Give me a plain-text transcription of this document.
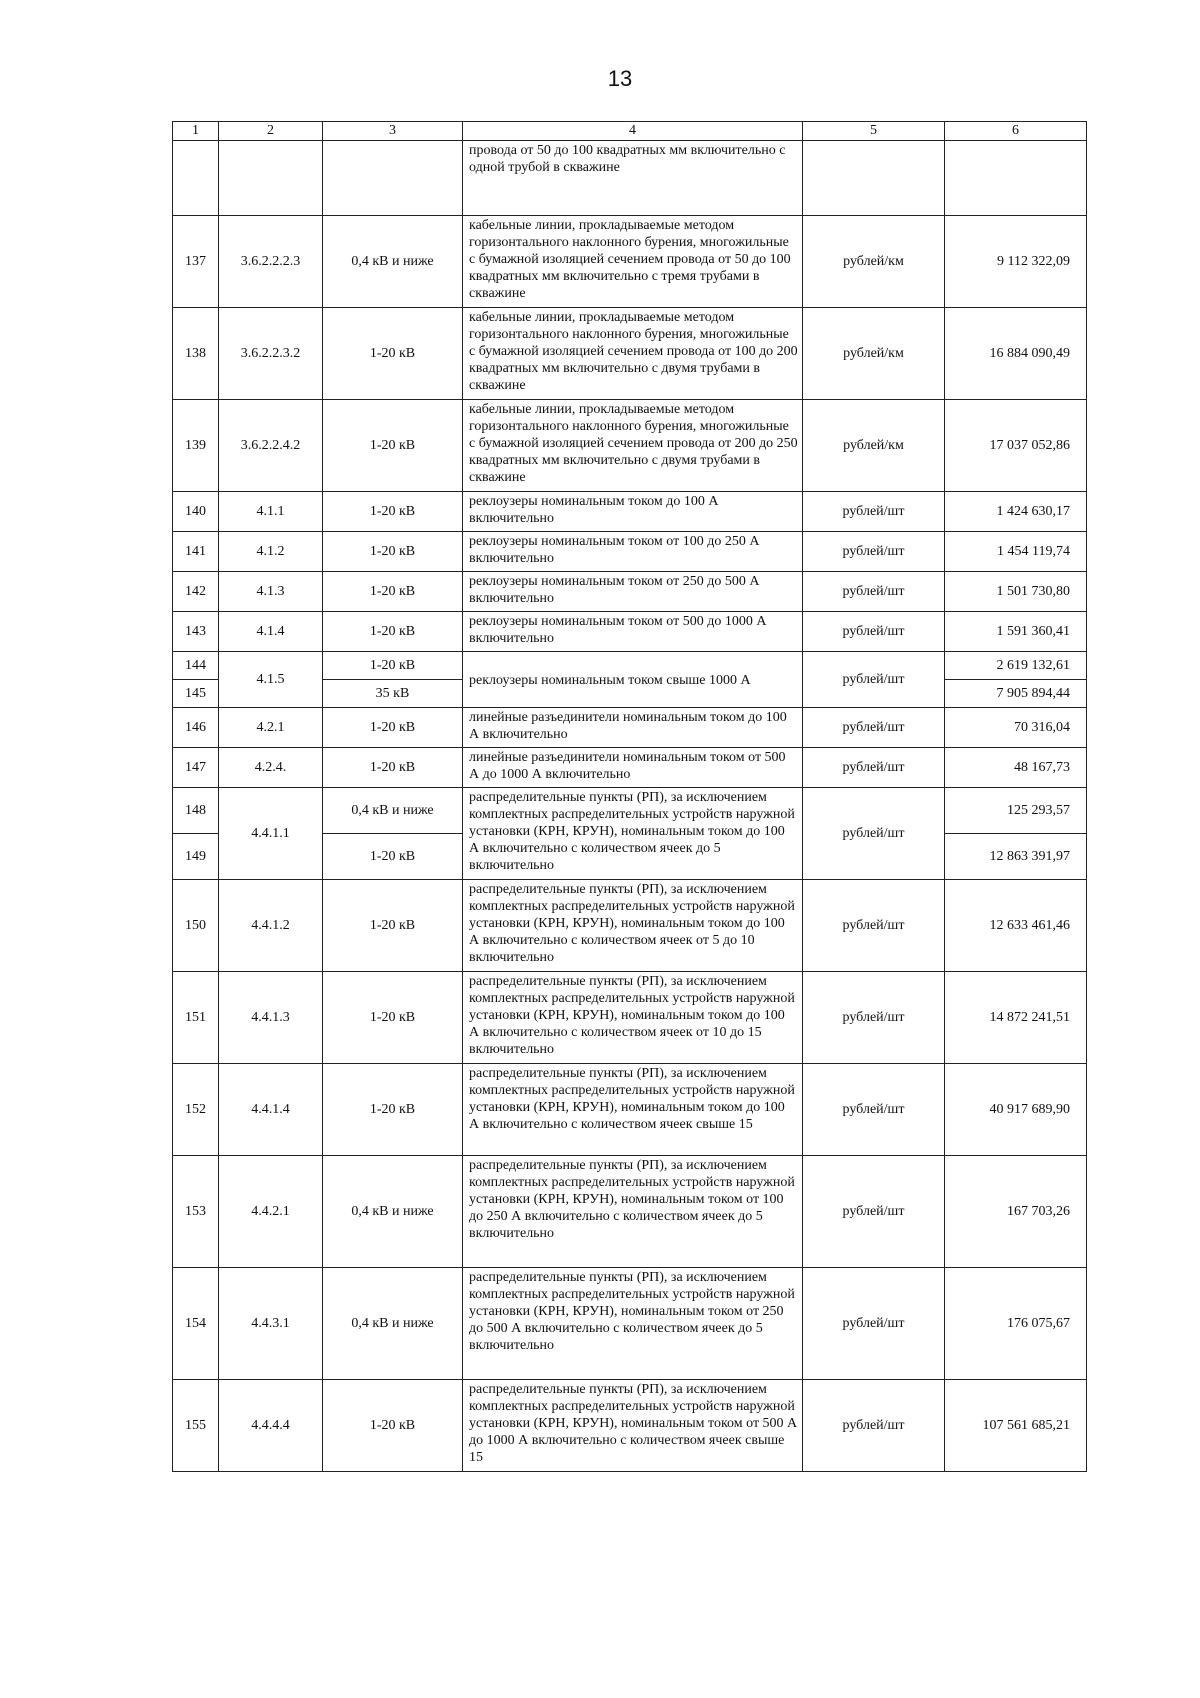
13
1	2	3	4	5	6
			провода от 50 до 100 квадратных мм включительно с одной трубой в скважине		
137	3.6.2.2.2.3	0,4 кВ и ниже	кабельные линии, прокладываемые методом горизонтального наклонного бурения, многожильные с бумажной изоляцией сечением провода от 50 до 100 квадратных мм включительно с тремя трубами в скважине	рублей/км	9 112 322,09
138	3.6.2.2.3.2	1-20 кВ	кабельные линии, прокладываемые методом горизонтального наклонного бурения, многожильные с бумажной изоляцией сечением провода от 100 до 200 квадратных мм включительно с двумя трубами в скважине	рублей/км	16 884 090,49
139	3.6.2.2.4.2	1-20 кВ	кабельные линии, прокладываемые методом горизонтального наклонного бурения, многожильные с бумажной изоляцией сечением провода от 200 до 250 квадратных мм включительно с двумя трубами в скважине	рублей/км	17 037 052,86
140	4.1.1	1-20 кВ	реклоузеры номинальным током до 100 А включительно	рублей/шт	1 424 630,17
141	4.1.2	1-20 кВ	реклоузеры номинальным током от 100 до 250 А включительно	рублей/шт	1 454 119,74
142	4.1.3	1-20 кВ	реклоузеры номинальным током от 250 до 500 А включительно	рублей/шт	1 501 730,80
143	4.1.4	1-20 кВ	реклоузеры номинальным током от 500 до 1000 А включительно	рублей/шт	1 591 360,41
144	4.1.5	1-20 кВ	реклоузеры номинальным током свыше 1000 А	рублей/шт	2 619 132,61
145		35 кВ			7 905 894,44
146	4.2.1	1-20 кВ	линейные разъединители номинальным током до 100 А включительно	рублей/шт	70 316,04
147	4.2.4.	1-20 кВ	линейные разъединители номинальным током от 500 А до 1000 А включительно	рублей/шт	48 167,73
148	4.4.1.1	0,4 кВ и ниже	распределительные пункты (РП), за исключением комплектных распределительных устройств наружной установки (КРН, КРУН), номинальным током до 100 А включительно с количеством ячеек до 5 включительно	рублей/шт	125 293,57
149		1-20 кВ			12 863 391,97
150	4.4.1.2	1-20 кВ	распределительные пункты (РП), за исключением комплектных распределительных устройств наружной установки (КРН, КРУН), номинальным током до 100 А включительно с количеством ячеек от 5 до 10 включительно	рублей/шт	12 633 461,46
151	4.4.1.3	1-20 кВ	распределительные пункты (РП), за исключением комплектных распределительных устройств наружной установки (КРН, КРУН), номинальным током до 100 А включительно с количеством ячеек от 10 до 15 включительно	рублей/шт	14 872 241,51
152	4.4.1.4	1-20 кВ	распределительные пункты (РП), за исключением комплектных распределительных устройств наружной установки (КРН, КРУН), номинальным током до 100 А включительно с количеством ячеек свыше 15	рублей/шт	40 917 689,90
153	4.4.2.1	0,4 кВ и ниже	распределительные пункты (РП), за исключением комплектных распределительных устройств наружной установки (КРН, КРУН), номинальным током от 100 до 250 А включительно с количеством ячеек до 5 включительно	рублей/шт	167 703,26
154	4.4.3.1	0,4 кВ и ниже	распределительные пункты (РП), за исключением комплектных распределительных устройств наружной установки (КРН, КРУН), номинальным током от 250 до 500 А включительно с количеством ячеек до 5 включительно	рублей/шт	176 075,67
155	4.4.4.4	1-20 кВ	распределительные пункты (РП), за исключением комплектных распределительных устройств наружной установки (КРН, КРУН), номинальным током от 500 А до 1000 А включительно с количеством ячеек свыше 15	рублей/шт	107 561 685,21
